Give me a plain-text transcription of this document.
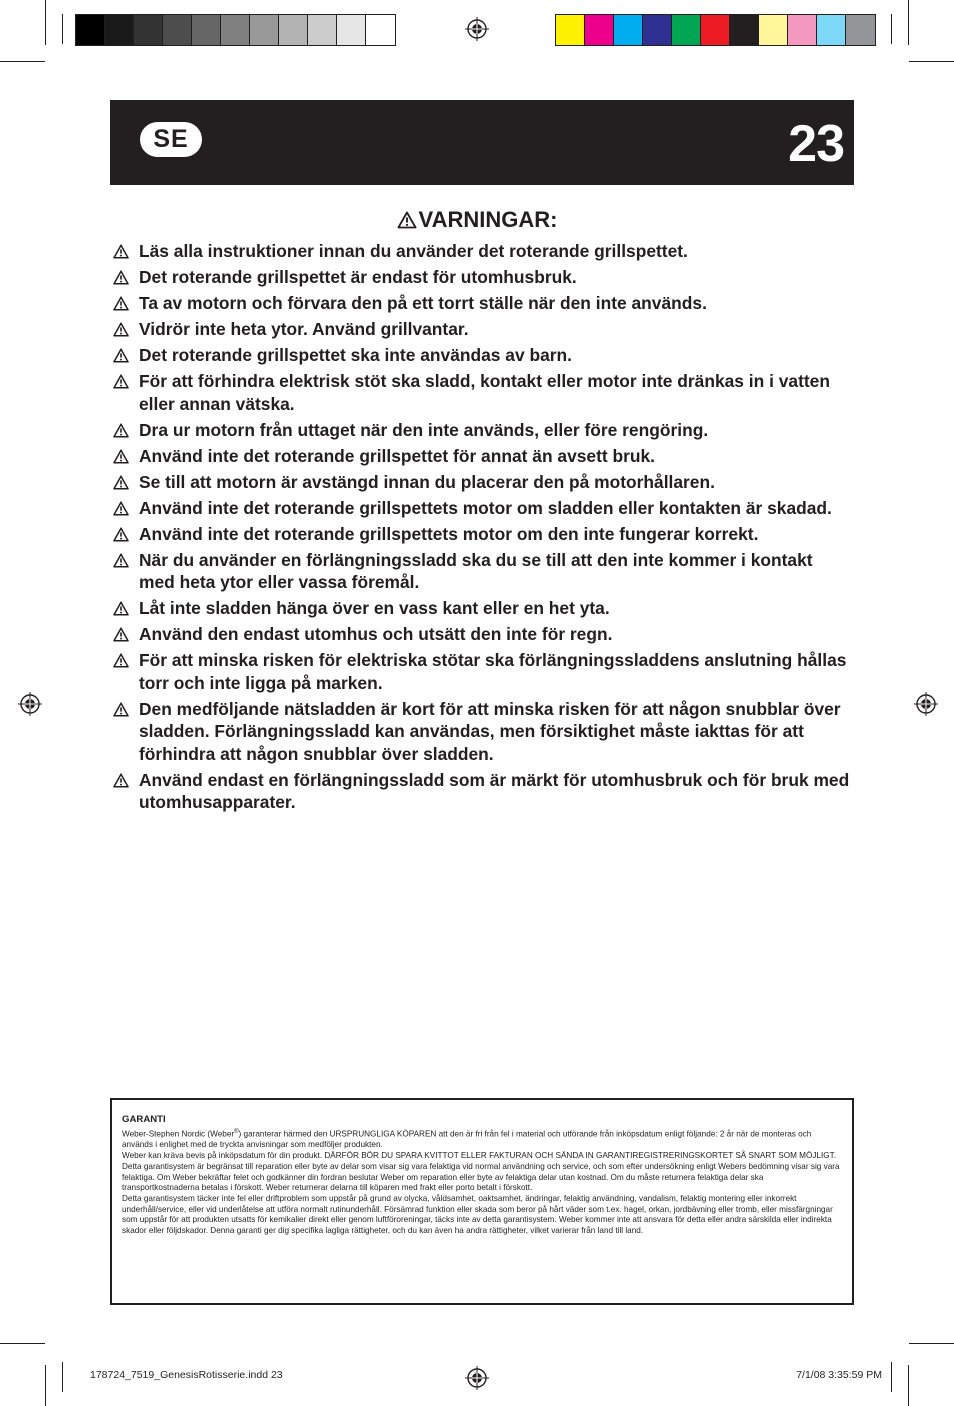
SE	23
VARNINGAR:
Läs alla instruktioner innan du använder det roterande grillspettet.
Det roterande grillspettet är endast för utomhusbruk.
Ta av motorn och förvara den på ett torrt ställe när den inte används.
Vidrör inte heta ytor. Använd grillvantar.
Det roterande grillspettet ska inte användas av barn.
För att förhindra elektrisk stöt ska sladd, kontakt eller motor inte dränkas in i vatten eller annan vätska.
Dra ur motorn från uttaget när den inte används, eller före rengöring.
Använd inte det roterande grillspettet för annat än avsett bruk.
Se till att motorn är avstängd innan du placerar den på motorhållaren.
Använd inte det roterande grillspettets motor om sladden eller kontakten är skadad.
Använd inte det roterande grillspettets motor om den inte fungerar korrekt.
När du använder en förlängningssladd ska du se till att den inte kommer i kontakt med heta ytor eller vassa föremål.
Låt inte sladden hänga över en vass kant eller en het yta.
Använd den endast utomhus och utsätt den inte för regn.
För att minska risken för elektriska stötar ska förlängningssladdens anslutning hållas torr och inte ligga på marken.
Den medföljande nätsladden är kort för att minska risken för att någon snubblar över sladden. Förlängningssladd kan användas, men försiktighet måste iakttas för att förhindra att någon snubblar över sladden.
Använd endast en förlängningssladd som är märkt för utomhusbruk och för bruk med utomhusapparater.
GARANTI

Weber-Stephen Nordic (Weber®) garanterar härmed den URSPRUNGLIGA KÖPAREN att den är fri från fel i material och utförande från inköpsdatum enligt följande: 2 år när de monteras och används i enlighet med de tryckta anvisningar som medföljer produkten.

Weber kan kräva bevis på inköpsdatum för din produkt. DÄRFÖR BÖR DU SPARA KVITTOT ELLER FAKTURAN OCH SÄNDA IN GARANTIREGISTRERINGSKORTET SÅ SNART SOM MÖJLIGT.

Detta garantisystem är begränsat till reparation eller byte av delar som visar sig vara felaktiga vid normal användning och service, och som efter undersökning enligt Webers bedömning visar sig vara felaktiga. Om Weber bekräftar felet och godkänner din fordran beslutar Weber om reparation eller byte av felaktiga delar utan kostnad. Om du måste returnera felaktiga delar ska transportkostnaderna betalas i förskott. Weber returnerar delarna till köparen med frakt eller porto betalt i förskott.

Detta garantisystem täcker inte fel eller driftproblem som uppstår på grund av olycka, våldsamhet, oaktsamhet, ändringar, felaktig användning, vandalism, felaktig montering eller inkorrekt underhåll/service, eller vid underlåtelse att utföra normalt rutinunderhåll. Försämrad funktion eller skada som beror på hårt väder som t.ex. hagel, orkan, jordbävning eller tromb, eller missfärgningar som uppstår för att produkten utsatts för kemikalier direkt eller genom luftföroreningar, täcks inte av detta garantisystem. Weber kommer inte att ansvara för detta eller andra särskilda eller indirekta skador eller följdskador. Denna garanti ger dig specifika lagliga rättigheter, och du kan även ha andra rättigheter, vilket varierar från land till land.

178724_7519_GenesisRotisserie.indd 23	7/1/08 3:35:59 PM
